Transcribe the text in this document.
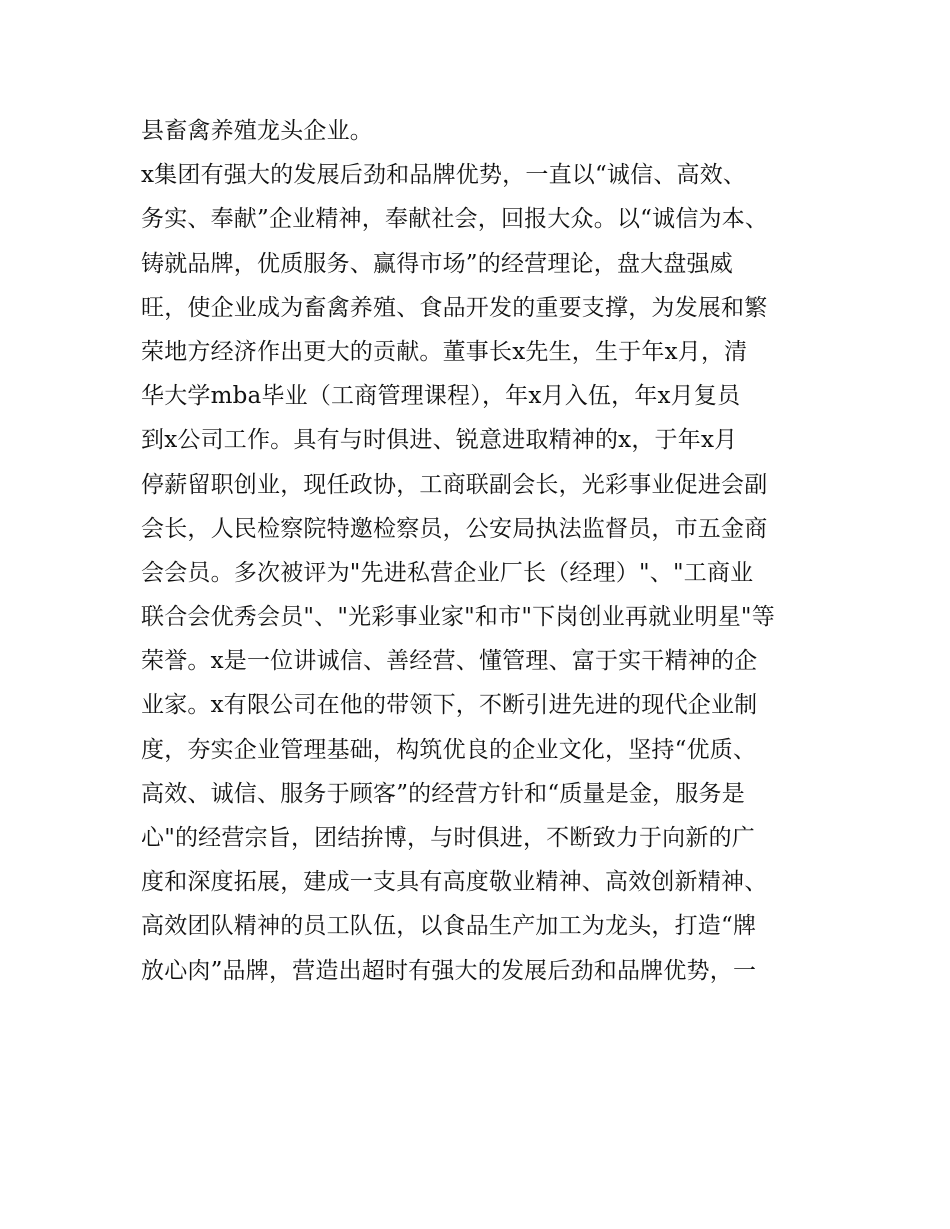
县畜禽养殖龙头企业。
x集团有强大的发展后劲和品牌优势，一直以“诚信、高效、
务实、奉献”企业精神，奉献社会，回报大众。以“诚信为本、
铸就品牌，优质服务、赢得市场”的经营理论，盘大盘强威
旺，使企业成为畜禽养殖、食品开发的重要支撑，为发展和繁
荣地方经济作出更大的贡献。董事长x先生，生于年x月，清
华大学mba毕业（工商管理课程），年x月入伍，年x月复员
到x公司工作。具有与时俱进、锐意进取精神的x，于年x月
停薪留职创业，现任政协，工商联副会长，光彩事业促进会副
会长，人民检察院特邀检察员，公安局执法监督员，市五金商
会会员。多次被评为"先进私营企业厂长（经理）"、"工商业
联合会优秀会员"、"光彩事业家"和市"下岗创业再就业明星"等
荣誉。x是一位讲诚信、善经营、懂管理、富于实干精神的企
业家。x有限公司在他的带领下，不断引进先进的现代企业制
度，夯实企业管理基础，构筑优良的企业文化，坚持“优质、
高效、诚信、服务于顾客”的经营方针和“质量是金，服务是
心"的经营宗旨，团结拚博，与时俱进，不断致力于向新的广
度和深度拓展，建成一支具有高度敬业精神、高效创新精神、
高效团队精神的员工队伍，以食品生产加工为龙头，打造“牌
放心肉”品牌，营造出超时有强大的发展后劲和品牌优势，一
